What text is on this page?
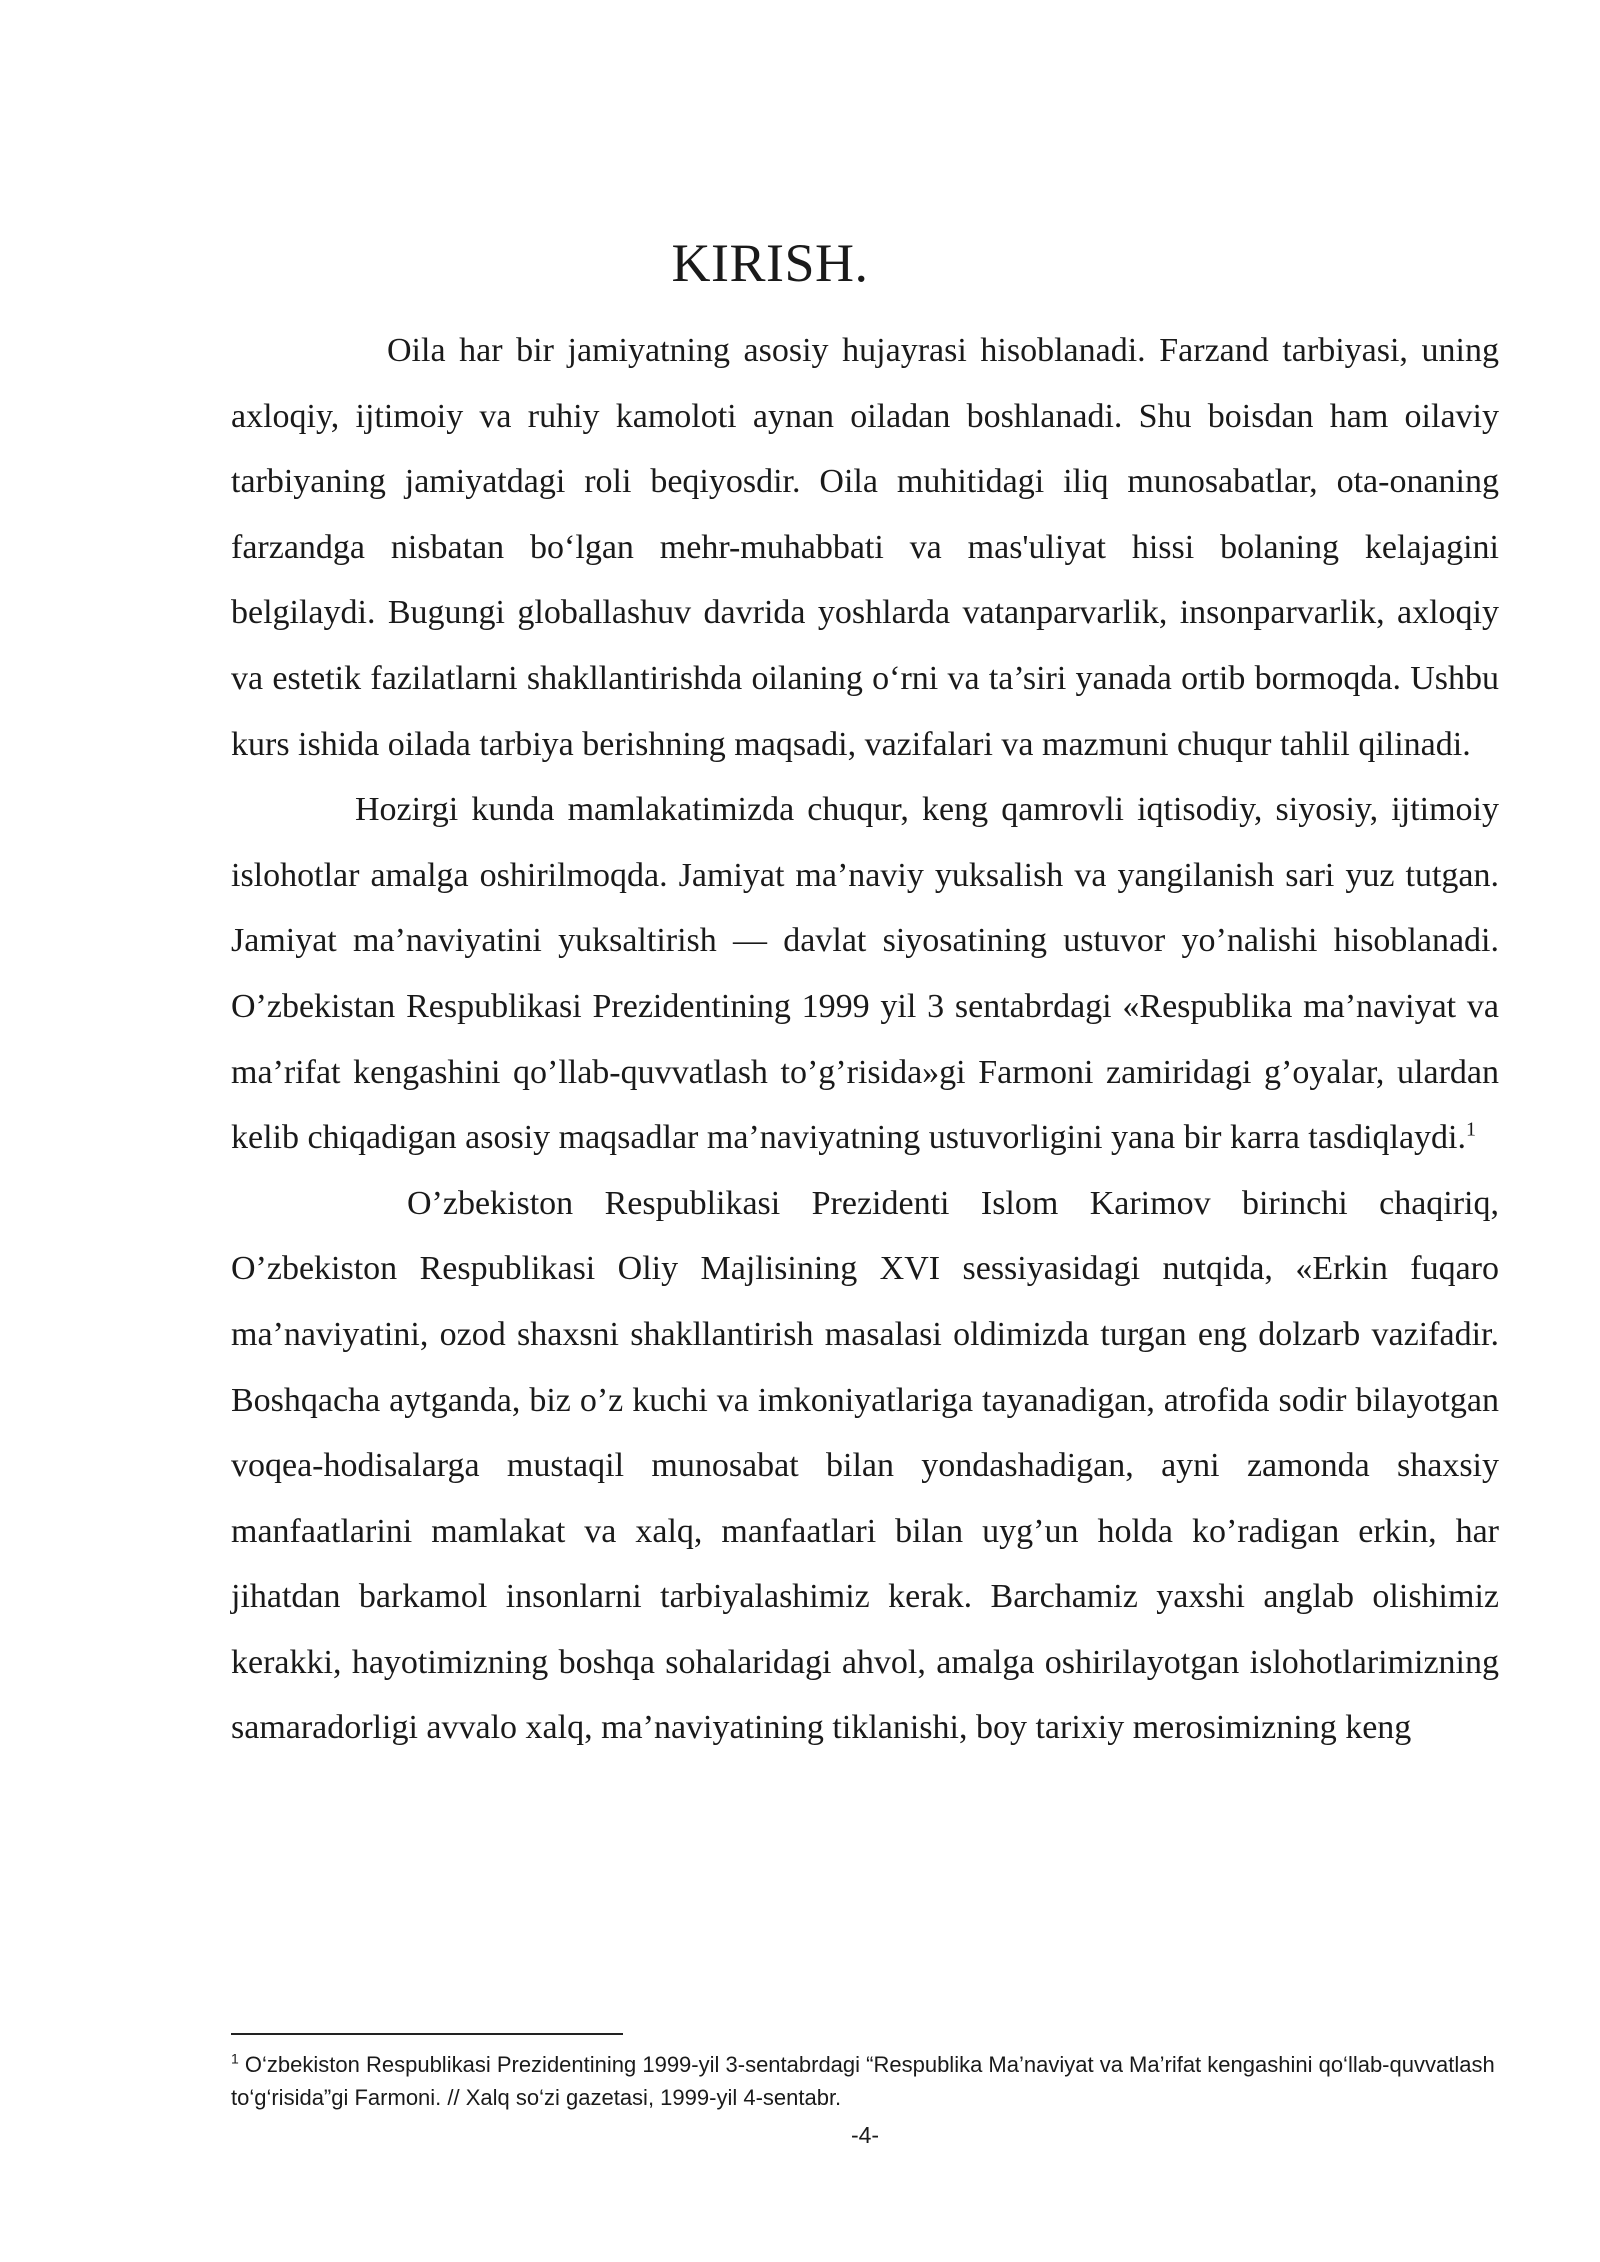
KIRISH.

Oila har bir jamiyatning asosiy hujayrasi hisoblanadi. Farzand tarbiyasi, uning axloqiy, ijtimoiy va ruhiy kamoloti aynan oiladan boshlanadi. Shu boisdan ham oilaviy tarbiyaning jamiyatdagi roli beqiyosdir. Oila muhitidagi iliq munosabatlar, ota-onaning farzandga nisbatan bo‘lgan mehr-muhabbati va mas'uliyat hissi bolaning kelajagini belgilaydi. Bugungi globallashuv davrida yoshlarda vatanparvarlik, insonparvarlik, axloqiy va estetik fazilatlarni shakllantirishda oilaning o‘rni va ta’siri yanada ortib bormoqda. Ushbu kurs ishida oilada tarbiya berishning maqsadi, vazifalari va mazmuni chuqur tahlil qilinadi.

Hozirgi kunda mamlakatimizda chuqur, keng qamrovli iqtisodiy, siyosiy, ijtimoiy islohotlar amalga oshirilmoqda. Jamiyat ma’naviy yuksalish va yangilanish sari yuz tutgan. Jamiyat ma’naviyatini yuksaltirish — davlat siyosatining ustuvor yo’nalishi hisoblanadi. O’zbekistan Respublikasi Prezidentining 1999 yil 3 sentabrdagi «Respublika ma’naviyat va ma’rifat kengashini qo’llab-quvvatlash to’g’risida»gi Farmoni zamiridagi g’oyalar, ulardan kelib chiqadigan asosiy maqsadlar ma’naviyatning ustuvorligini yana bir karra tasdiqlaydi.$^1$

O’zbekiston Respublikasi Prezidenti Islom Karimov birinchi chaqiriq, O’zbekiston Respublikasi Oliy Majlisining XVI sessiyasidagi nutqida, «Erkin fuqaro ma’naviyatini, ozod shaxsni shakllantirish masalasi oldimizda turgan eng dolzarb vazifadir. Boshqacha aytganda, biz o’z kuchi va imkoniyatlariga tayanadigan, atrofida sodir bilayotgan voqea-hodisalarga mustaqil munosabat bilan yondashadigan, ayni zamonda shaxsiy manfaatlarini mamlakat va xalq, manfaatlari bilan uyg’un holda ko’radigan erkin, har jihatdan barkamol insonlarni tarbiyalashimiz kerak. Barchamiz yaxshi anglab olishimiz kerakki, hayotimizning boshqa sohalaridagi ahvol, amalga oshirilayotgan islohotlarimizning samaradorligi avvalo xalq, ma’naviyatining tiklanishi, boy tarixiy merosimizning keng

$^1$ O‘zbekiston Respublikasi Prezidentining 1999-yil 3-sentabrdagi “Respublika Ma’naviyat va Ma’rifat kengashini qo‘llab-quvvatlash to‘g‘risida”gi Farmoni. // Xalq so‘zi gazetasi, 1999-yil 4-sentabr.

-4-
